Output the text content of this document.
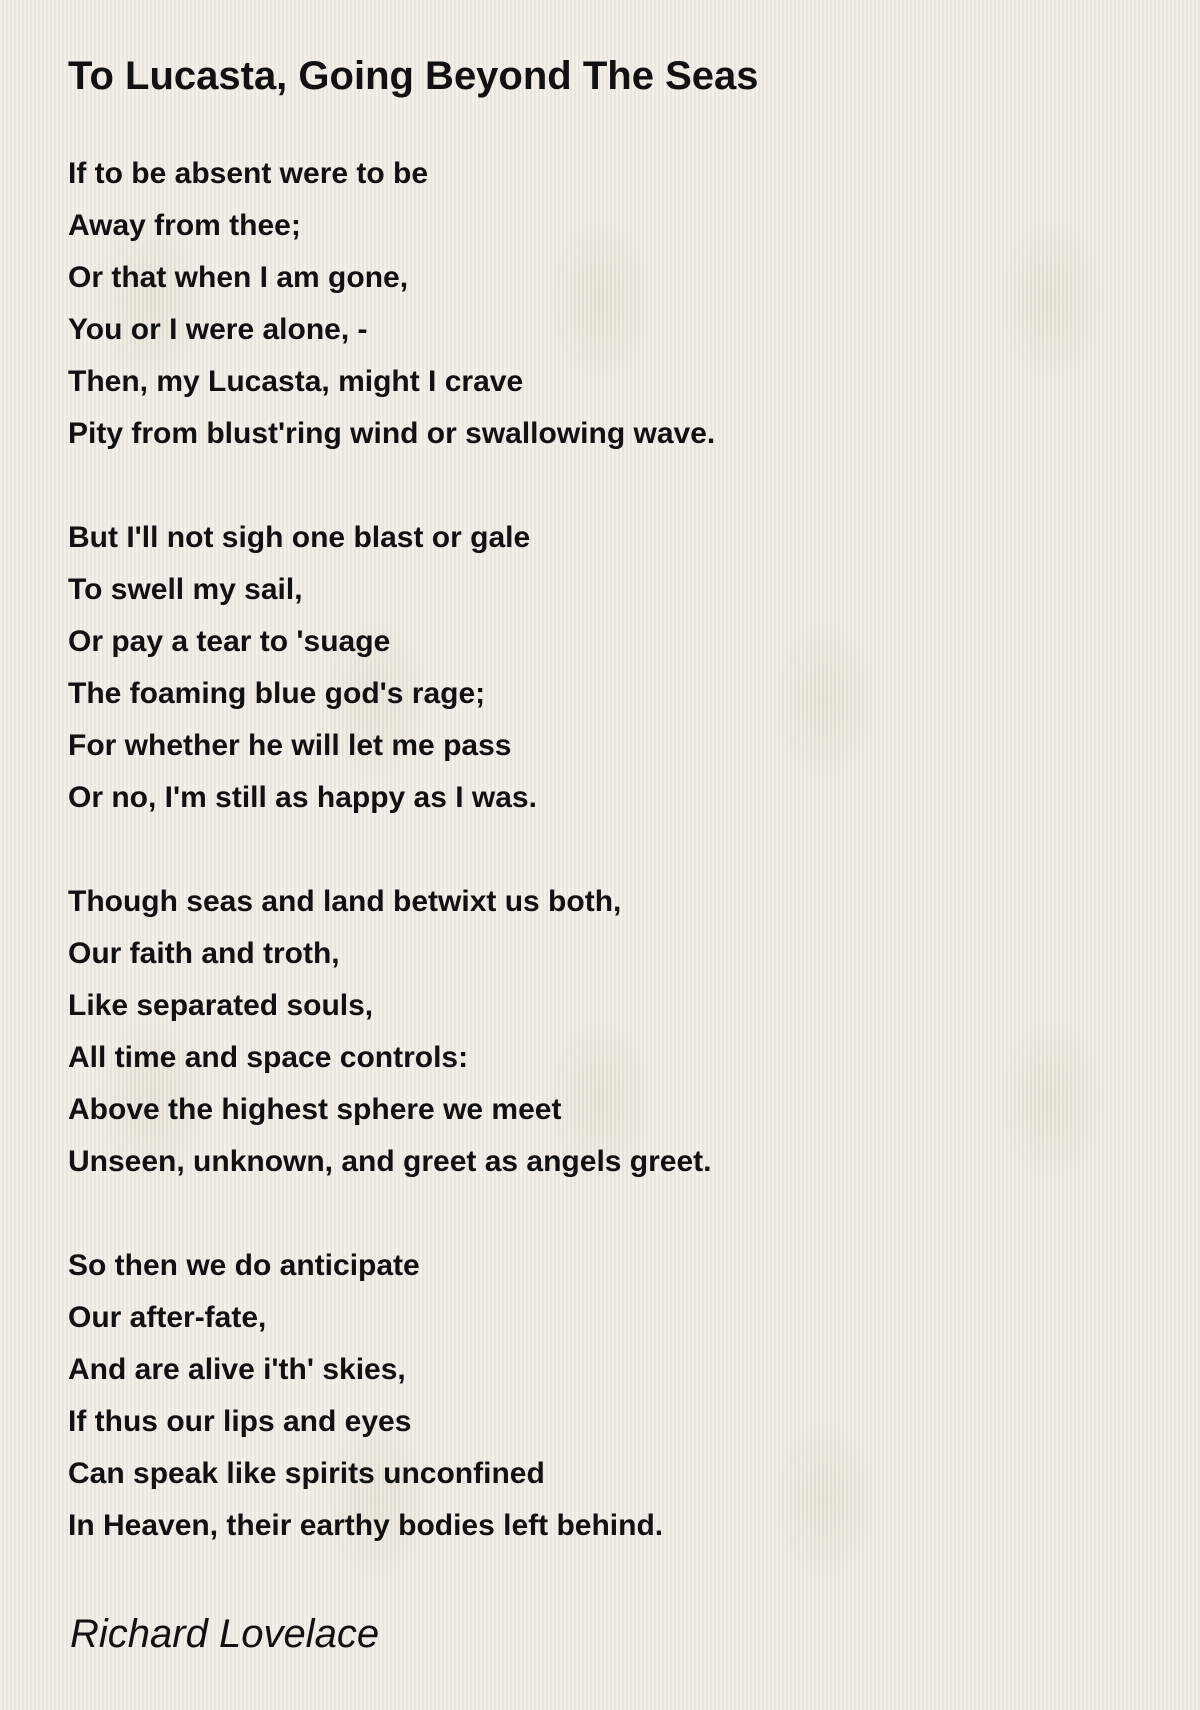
To Lucasta, Going Beyond The Seas
If to be absent were to be
Away from thee;
Or that when I am gone,
You or I were alone, -
Then, my Lucasta, might I crave
Pity from blust'ring wind or swallowing wave.
But I'll not sigh one blast or gale
To swell my sail,
Or pay a tear to 'suage
The foaming blue god's rage;
For whether he will let me pass
Or no, I'm still as happy as I was.
Though seas and land betwixt us both,
Our faith and troth,
Like separated souls,
All time and space controls:
Above the highest sphere we meet
Unseen, unknown, and greet as angels greet.
So then we do anticipate
Our after-fate,
And are alive i'th' skies,
If thus our lips and eyes
Can speak like spirits unconfined
In Heaven, their earthy bodies left behind.

Richard Lovelace
